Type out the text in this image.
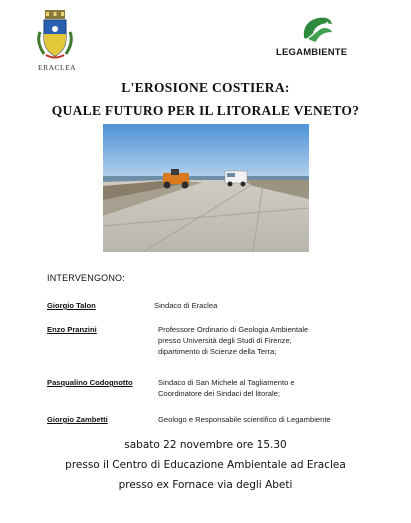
ERACLEA
LEGAMBIENTE
L'EROSIONE COSTIERA:
QUALE FUTURO PER IL LITORALE VENETO?
INTERVENGONO:
Giorgio Talon	Sindaco di Eraclea
Enzo Pranzini	Professore Ordinario di Geologia Ambientale
presso Università degli Studi di Firenze,
dipartimento di Scienze della Terra;
Pasqualino Codognotto	Sindaco di San Michele al Tagliamento e
Coordinatore dei Sindaci del litorale;
Giorgio Zambetti	Geologo e Responsabile scientifico di Legambiente
sabato 22 novembre ore 15.30
presso il Centro di Educazione Ambientale ad Eraclea
presso ex Fornace via degli Abeti
